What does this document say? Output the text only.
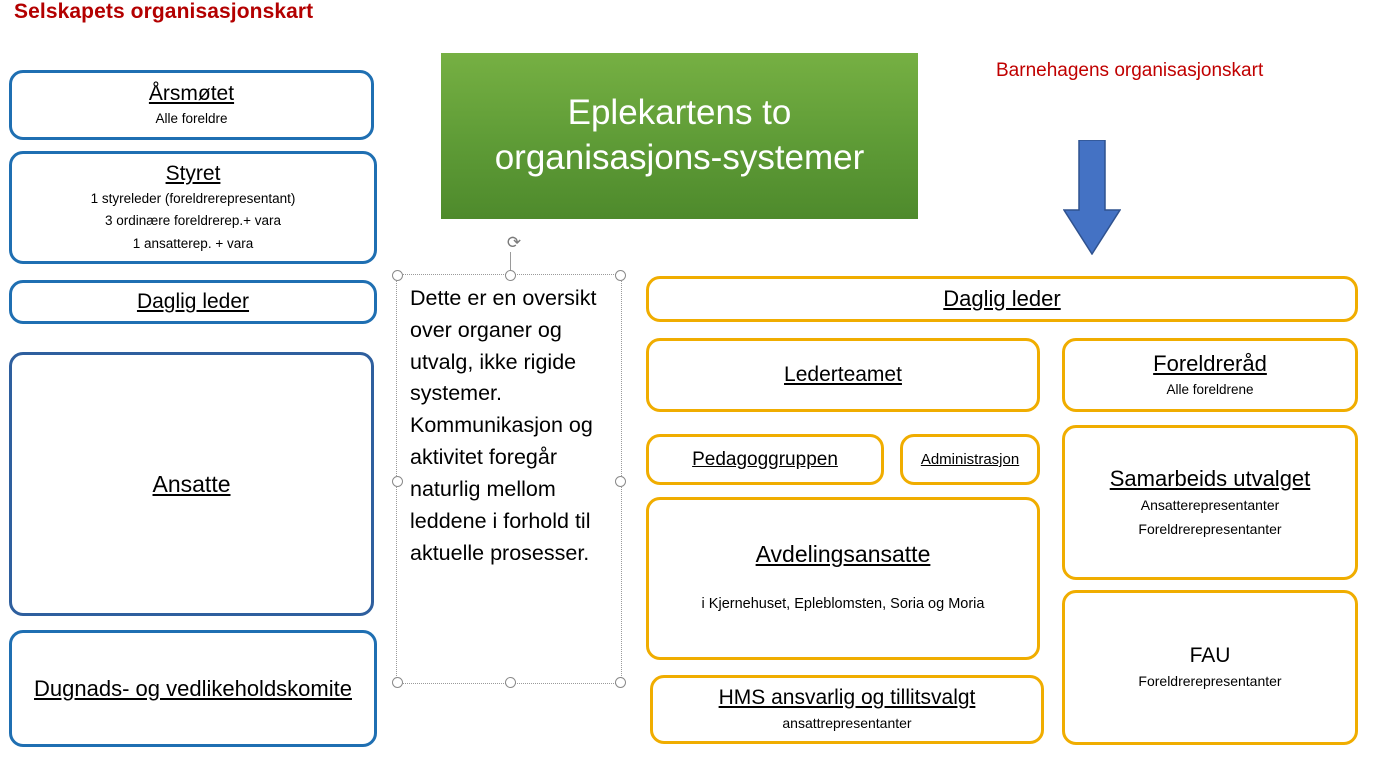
Selskapets organisasjonskart
Barnehagens organisasjonskart
Eplekartens to organisasjons-systemer
Årsmøtet
Alle foreldre
Styret
1 styreleder (foreldrerepresentant)
3 ordinære foreldrerep.+ vara
1 ansatterep. + vara
Daglig leder
Ansatte
Dugnads- og vedlikeholdskomite
⟳
Dette er en oversikt over organer og utvalg, ikke rigide systemer. Kommunikasjon og aktivitet foregår naturlig mellom leddene i forhold til aktuelle prosesser.
Daglig leder
Lederteamet	Foreldreråd
Alle foreldrene
Pedagoggruppen	Administrasjon
Samarbeids utvalget
Ansatterepresentanter
Foreldrerepresentanter
Avdelingsansatte
i Kjernehuset, Epleblomsten, Soria og Moria
FAU
Foreldrerepresentanter
HMS ansvarlig og tillitsvalgt
ansattrepresentanter
